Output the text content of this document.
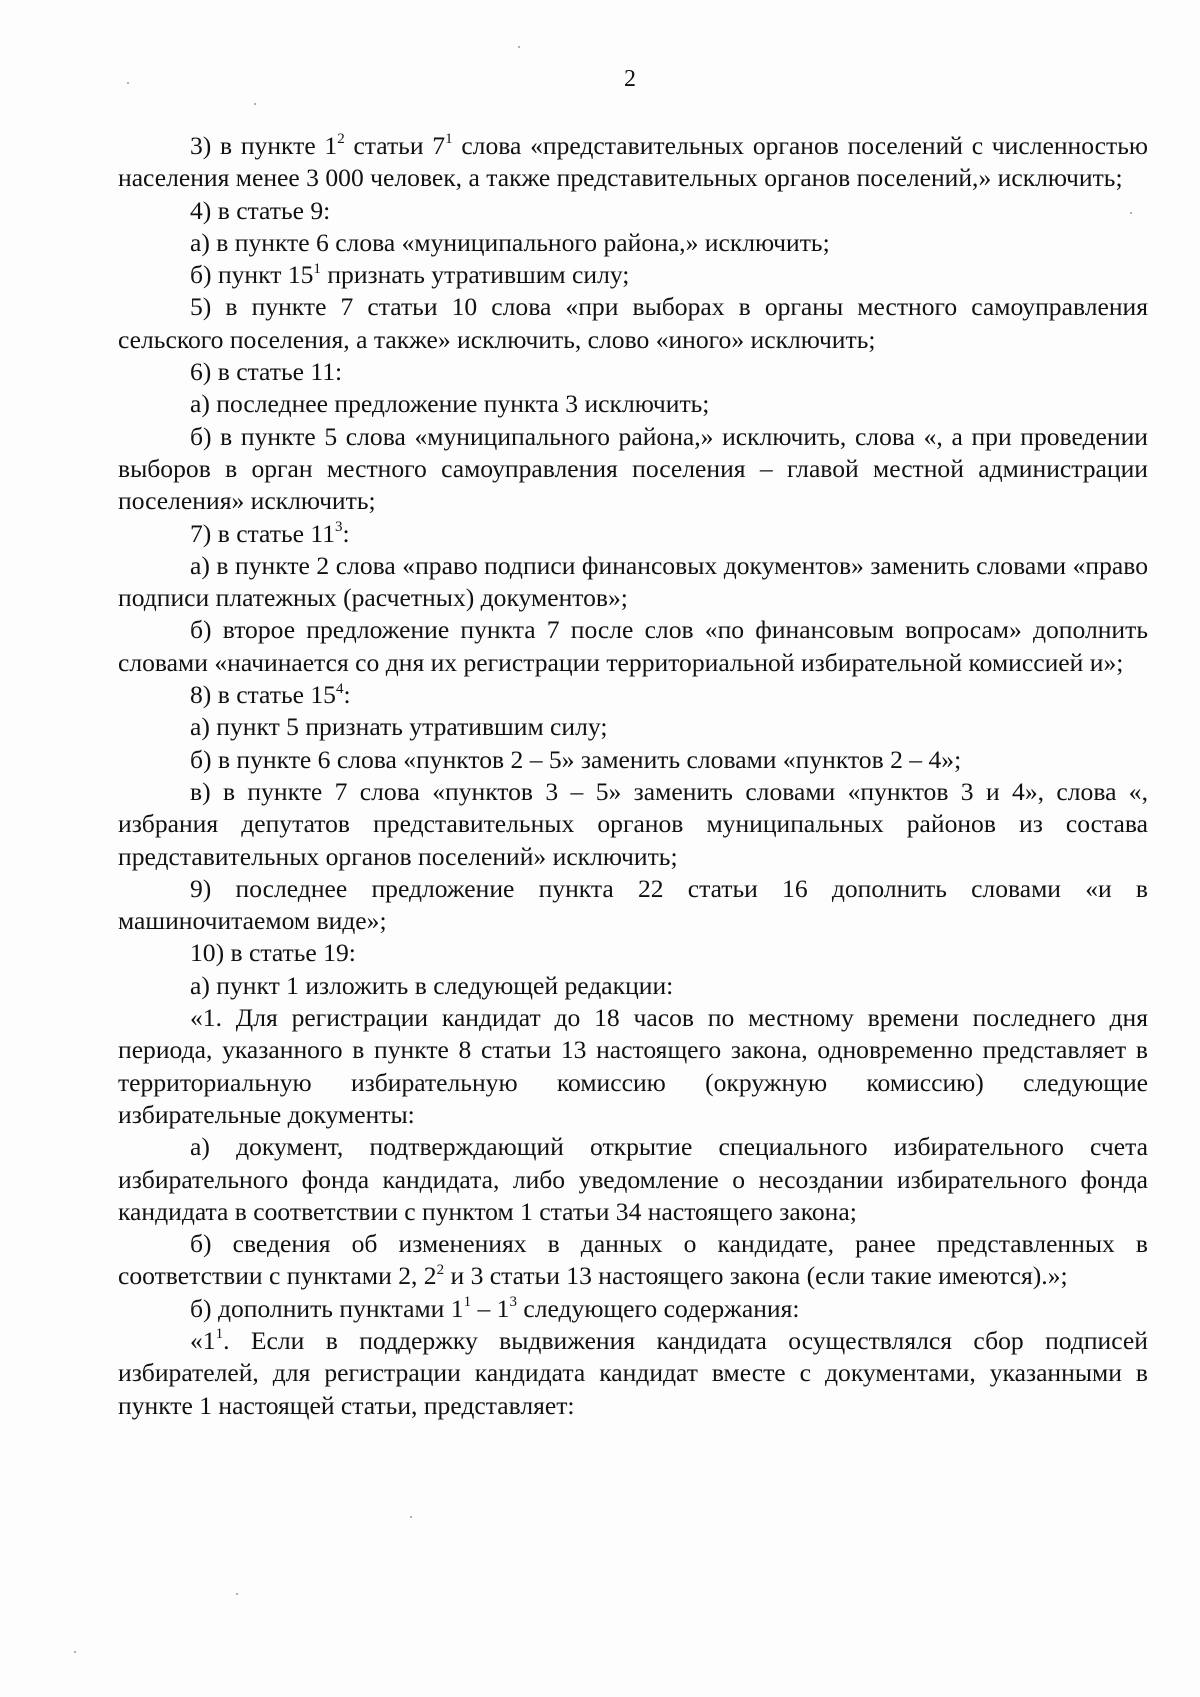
2

3) в пункте $1^2$ статьи $7^1$ слова «представительных органов поселений с численностью населения менее 3 000 человек, а также представительных органов поселений,» исключить;

4) в статье 9:

а) в пункте 6 слова «муниципального района,» исключить;

б) пункт $15^1$ признать утратившим силу;

5) в пункте 7 статьи 10 слова «при выборах в органы местного самоуправления сельского поселения, а также» исключить, слово «иного» исключить;

6) в статье 11:

а) последнее предложение пункта 3 исключить;

б) в пункте 5 слова «муниципального района,» исключить, слова «, а при проведении выборов в орган местного самоуправления поселения – главой местной администрации поселения» исключить;

7) в статье $11^3$:

а) в пункте 2 слова «право подписи финансовых документов» заменить словами «право подписи платежных (расчетных) документов»;

б) второе предложение пункта 7 после слов «по финансовым вопросам» дополнить словами «начинается со дня их регистрации территориальной избирательной комиссией и»;

8) в статье $15^4$:

а) пункт 5 признать утратившим силу;

б) в пункте 6 слова «пунктов 2 – 5» заменить словами «пунктов 2 – 4»;

в) в пункте 7 слова «пунктов 3 – 5» заменить словами «пунктов 3 и 4», слова «, избрания депутатов представительных органов муниципальных районов из состава представительных органов поселений» исключить;

9) последнее предложение пункта 22 статьи 16 дополнить словами «и в машиночитаемом виде»;

10) в статье 19:

а) пункт 1 изложить в следующей редакции:

«1. Для регистрации кандидат до 18 часов по местному времени последнего дня периода, указанного в пункте 8 статьи 13 настоящего закона, одновременно представляет в территориальную избирательную комиссию (окружную комиссию) следующие избирательные документы:

а) документ, подтверждающий открытие специального избирательного счета избирательного фонда кандидата, либо уведомление о несоздании избирательного фонда кандидата в соответствии с пунктом 1 статьи 34 настоящего закона;

б) сведения об изменениях в данных о кандидате, ранее представленных в соответствии с пунктами 2, $2^2$ и 3 статьи 13 настоящего закона (если такие имеются).»;

б) дополнить пунктами $1^1 - 1^3$ следующего содержания:

«$1^1$. Если в поддержку выдвижения кандидата осуществлялся сбор подписей избирателей, для регистрации кандидата кандидат вместе с документами, указанными в пункте 1 настоящей статьи, представляет:
